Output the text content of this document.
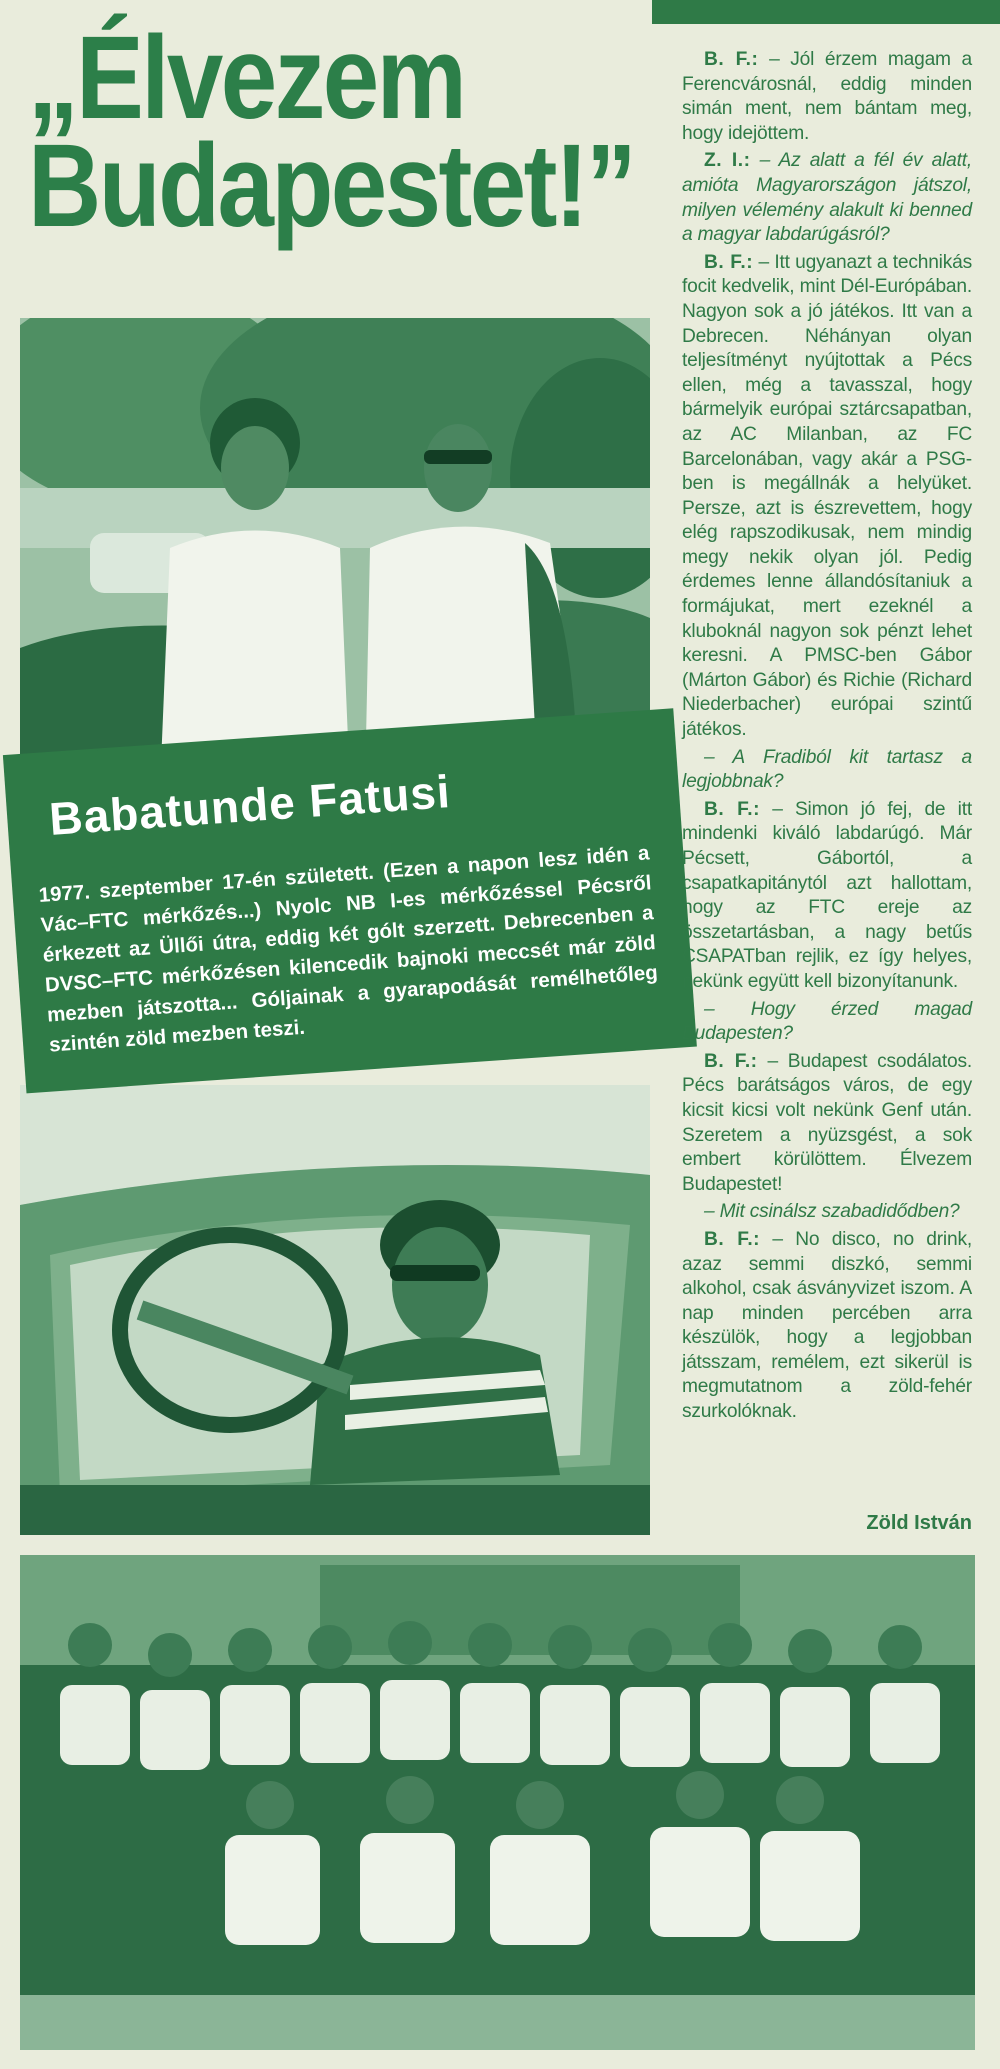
„Élvezem
Budapestet!”
Babatunde Fatusi

1977. szeptember 17-én született. (Ezen a napon lesz idén a Vác–FTC mérkőzés...) Nyolc NB I-es mérkőzéssel Pécsről érkezett az Üllői útra, eddig két gólt szerzett. Debrecenben a DVSC–FTC mérkőzésen kilencedik bajnoki meccsét már zöld mezben játszotta... Góljainak a gyarapodását remélhetőleg szintén zöld mezben teszi.

B. F.: – Jól érzem magam a Ferencvárosnál, eddig minden simán ment, nem bántam meg, hogy idejöttem.

Z. I.: – Az alatt a fél év alatt, amióta Magyarországon játszol, milyen vélemény alakult ki benned a magyar labdarúgásról?

B. F.: – Itt ugyanazt a technikás focit kedvelik, mint Dél-Európában. Nagyon sok a jó játékos. Itt van a Debrecen. Néhányan olyan teljesítményt nyújtottak a Pécs ellen, még a tavasszal, hogy bármelyik európai sztárcsapatban, az AC Milanban, az FC Barcelonában, vagy akár a PSG-ben is megállnák a helyüket. Persze, azt is észrevettem, hogy elég rapszodikusak, nem mindig megy nekik olyan jól. Pedig érdemes lenne állandósítaniuk a formájukat, mert ezeknél a kluboknál nagyon sok pénzt lehet keresni. A PMSC-ben Gábor (Márton Gábor) és Richie (Richard Niederbacher) európai szintű játékos.

– A Fradiból kit tartasz a legjobbnak?

B. F.: – Simon jó fej, de itt mindenki kiváló labdarúgó. Már Pécsett, Gábortól, a csapatkapitánytól azt hallottam, hogy az FTC ereje az összetartásban, a nagy betűs CSAPATban rejlik, ez így helyes, nekünk együtt kell bizonyítanunk.

– Hogy érzed magad Budapesten?

B. F.: – Budapest csodálatos. Pécs barátságos város, de egy kicsit kicsi volt nekünk Genf után. Szeretem a nyüzsgést, a sok embert körülöttem. Élvezem Budapestet!

– Mit csinálsz szabadidődben?

B. F.: – No disco, no drink, azaz semmi diszkó, semmi alkohol, csak ásványvizet iszom. A nap minden percében arra készülök, hogy a legjobban játsszam, remélem, ezt sikerül is megmutatnom a zöld-fehér szurkolóknak.

Zöld István
